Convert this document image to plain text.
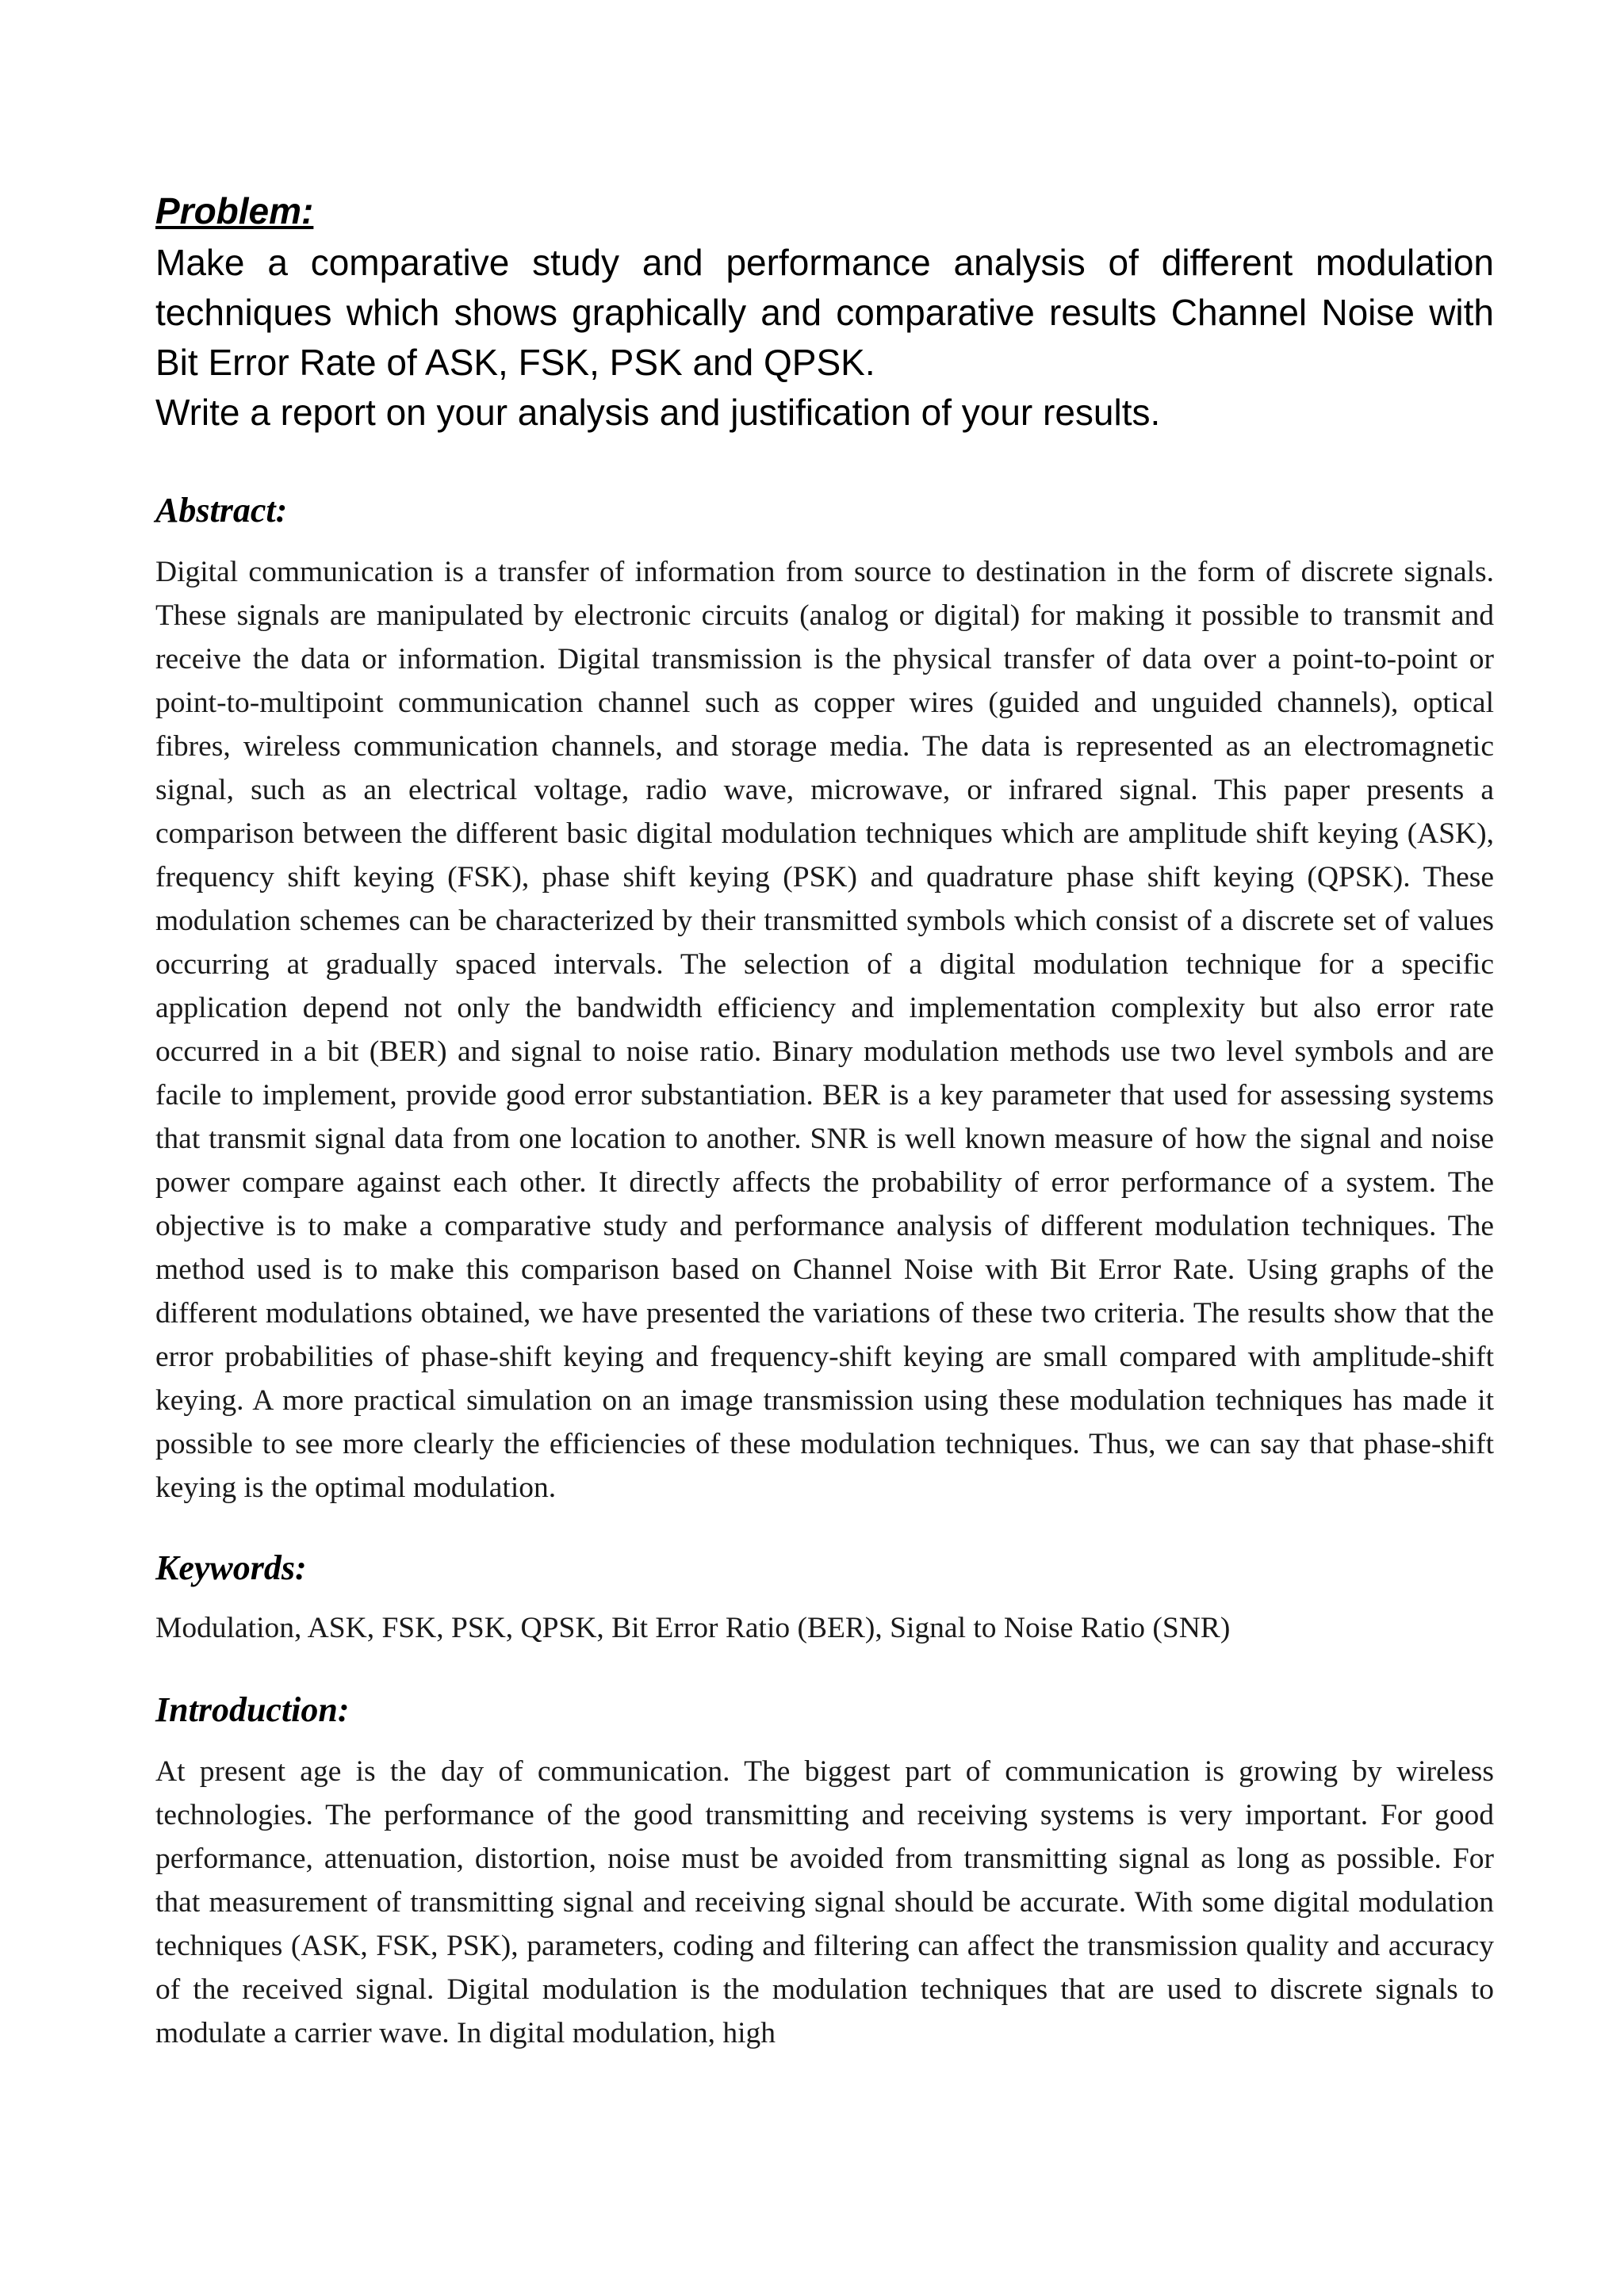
Problem:

Make a comparative study and performance analysis of different modulation techniques which shows graphically and comparative results Channel Noise with Bit Error Rate of ASK, FSK, PSK and QPSK.

Write a report on your analysis and justification of your results.

Abstract:

Digital communication is a transfer of information from source to destination in the form of discrete signals. These signals are manipulated by electronic circuits (analog or digital) for making it possible to transmit and receive the data or information. Digital transmission is the physical transfer of data over a point-to-point or point-to-multipoint communication channel such as copper wires (guided and unguided channels), optical fibres, wireless communication channels, and storage media. The data is represented as an electromagnetic signal, such as an electrical voltage, radio wave, microwave, or infrared signal. This paper presents a comparison between the different basic digital modulation techniques which are amplitude shift keying (ASK), frequency shift keying (FSK), phase shift keying (PSK) and quadrature phase shift keying (QPSK). These modulation schemes can be characterized by their transmitted symbols which consist of a discrete set of values occurring at gradually spaced intervals. The selection of a digital modulation technique for a specific application depend not only the bandwidth efficiency and implementation complexity but also error rate occurred in a bit (BER) and signal to noise ratio. Binary modulation methods use two level symbols and are facile to implement, provide good error substantiation. BER is a key parameter that used for assessing systems that transmit signal data from one location to another. SNR is well known measure of how the signal and noise power compare against each other. It directly affects the probability of error performance of a system. The objective is to make a comparative study and performance analysis of different modulation techniques. The method used is to make this comparison based on Channel Noise with Bit Error Rate. Using graphs of the different modulations obtained, we have presented the variations of these two criteria. The results show that the error probabilities of phase-shift keying and frequency-shift keying are small compared with amplitude-shift keying. A more practical simulation on an image transmission using these modulation techniques has made it possible to see more clearly the efficiencies of these modulation techniques. Thus, we can say that phase-shift keying is the optimal modulation.

Keywords:

Modulation, ASK, FSK, PSK, QPSK, Bit Error Ratio (BER), Signal to Noise Ratio (SNR)

Introduction:

At present age is the day of communication. The biggest part of communication is growing by wireless technologies. The performance of the good transmitting and receiving systems is very important. For good performance, attenuation, distortion, noise must be avoided from transmitting signal as long as possible. For that measurement of transmitting signal and receiving signal should be accurate. With some digital modulation techniques (ASK, FSK, PSK), parameters, coding and filtering can affect the transmission quality and accuracy of the received signal. Digital modulation is the modulation techniques that are used to discrete signals to modulate a carrier wave. In digital modulation, high
